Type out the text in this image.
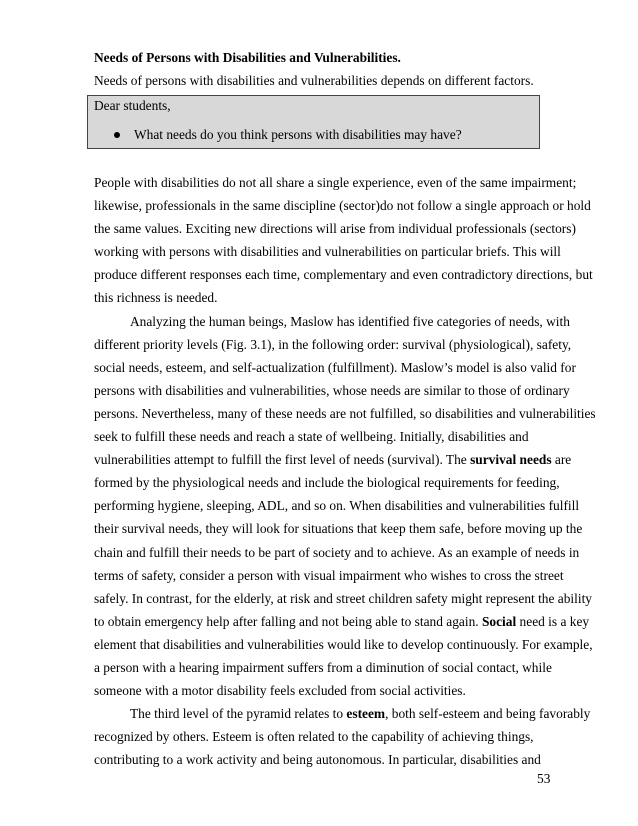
Needs of Persons with Disabilities and Vulnerabilities.
Needs of persons with disabilities and vulnerabilities depends on different factors.
Dear students,
What needs do you think persons with disabilities may have?
People with disabilities do not all share a single experience, even of the same impairment;
likewise, professionals in the same discipline (sector)do not follow a single approach or hold
the same values. Exciting new directions will arise from individual professionals (sectors)
working with persons with disabilities and vulnerabilities on particular briefs. This will
produce different responses each time, complementary and even contradictory directions, but
this richness is needed.
Analyzing the human beings, Maslow has identified five categories of needs, with
different priority levels (Fig. 3.1), in the following order: survival (physiological), safety,
social needs, esteem, and self-actualization (fulfillment). Maslow’s model is also valid for
persons with disabilities and vulnerabilities, whose needs are similar to those of ordinary
persons. Nevertheless, many of these needs are not fulfilled, so disabilities and vulnerabilities
seek to fulfill these needs and reach a state of wellbeing. Initially, disabilities and
vulnerabilities attempt to fulfill the first level of needs (survival). The survival needs are
formed by the physiological needs and include the biological requirements for feeding,
performing hygiene, sleeping, ADL, and so on. When disabilities and vulnerabilities fulfill
their survival needs, they will look for situations that keep them safe, before moving up the
chain and fulfill their needs to be part of society and to achieve. As an example of needs in
terms of safety, consider a person with visual impairment who wishes to cross the street
safely. In contrast, for the elderly, at risk and street children safety might represent the ability
to obtain emergency help after falling and not being able to stand again. Social need is a key
element that disabilities and vulnerabilities would like to develop continuously. For example,
a person with a hearing impairment suffers from a diminution of social contact, while
someone with a motor disability feels excluded from social activities.
The third level of the pyramid relates to esteem, both self-esteem and being favorably
recognized by others. Esteem is often related to the capability of achieving things,
contributing to a work activity and being autonomous. In particular, disabilities and
53
